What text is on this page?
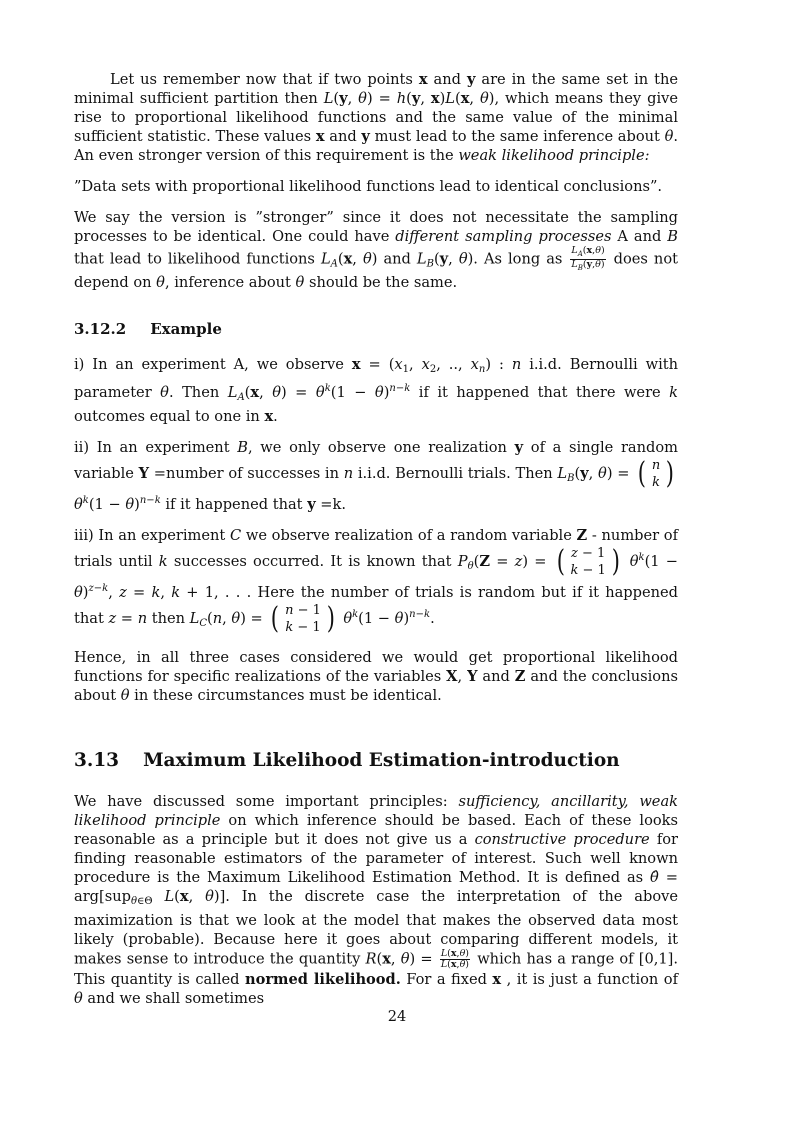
Let us remember now that if two points x and y are in the same set in the minimal sufficient partition then L(y, θ) = h(y, x)L(x, θ), which means they give rise to proportional likelihood functions and the same value of the minimal sufficient statistic. These values x and y must lead to the same inference about θ. An even stronger version of this requirement is the weak likelihood principle:

”Data sets with proportional likelihood functions lead to identical conclusions”.

We say the version is ”stronger” since it does not necessitate the sampling processes to be identical. One could have different sampling processes A and B that lead to likelihood functions $L_A(x$, θ) and $L_B(y$, θ). As long as $\frac{L_A(x,\theta)}{L_B(y,\theta)}$ does not depend on θ, inference about θ should be the same.

3.12.2 Example

i) In an experiment A, we observe $x = (x_1$, $x_2$, .., $x_n$) : n i.i.d. Bernoulli with parameter θ. Then $L_A(x$, $\theta) = \theta^k(1 - \theta)^{n-k}$ if it happened that there were k outcomes equal to one in x.

ii) In an experiment B, we only observe one realization y of a single random variable Y =number of successes in n i.i.d. Bernoulli trials. Then $L_B(y$, θ) = ( n
k )
$\theta^k(1 - \theta)^{n-k}$ if it happened that y =k.

iii) In an experiment C we observe realization of a random variable Z - number of trials until k successes occurred. It is known that $P_\theta(Z = z)$ = ( z − 1
k − 1 ) $\theta^k(1 - \theta)^{z-k}$, z = k, k + 1, . . . Here the number of trials is random but if it happened that z = n then $L_C(n$, θ) = ( n − 1
k − 1 ) $\theta^k(1 - \theta)^{n-k}$.

Hence, in all three cases considered we would get proportional likelihood functions for specific realizations of the variables X, Y and Z and the conclusions about θ in these circumstances must be identical.

3.13 Maximum Likelihood Estimation-introduction

We have discussed some important principles: sufficiency, ancillarity, weak likelihood principle on which inference should be based. Each of these looks reasonable as a principle but it does not give us a constructive procedure for finding reasonable estimators of the parameter of interest. Such well known procedure is the Maximum Likelihood Estimation Method. It is defined as θ̂ = arg[sup$_{\theta\in\Theta}$ L(x, θ)]. In the discrete case the interpretation of the above maximization is that we look at the model that makes the observed data most likely (probable). Because here it goes about comparing different models, it makes sense to introduce the quantity R(x, $\theta) = \frac{L(x,\theta)}{L(x,\thetâ)}$ which has a range of [0,1]. This quantity is called normed likelihood. For a fixed x , it is just a function of θ and we shall sometimes

24
